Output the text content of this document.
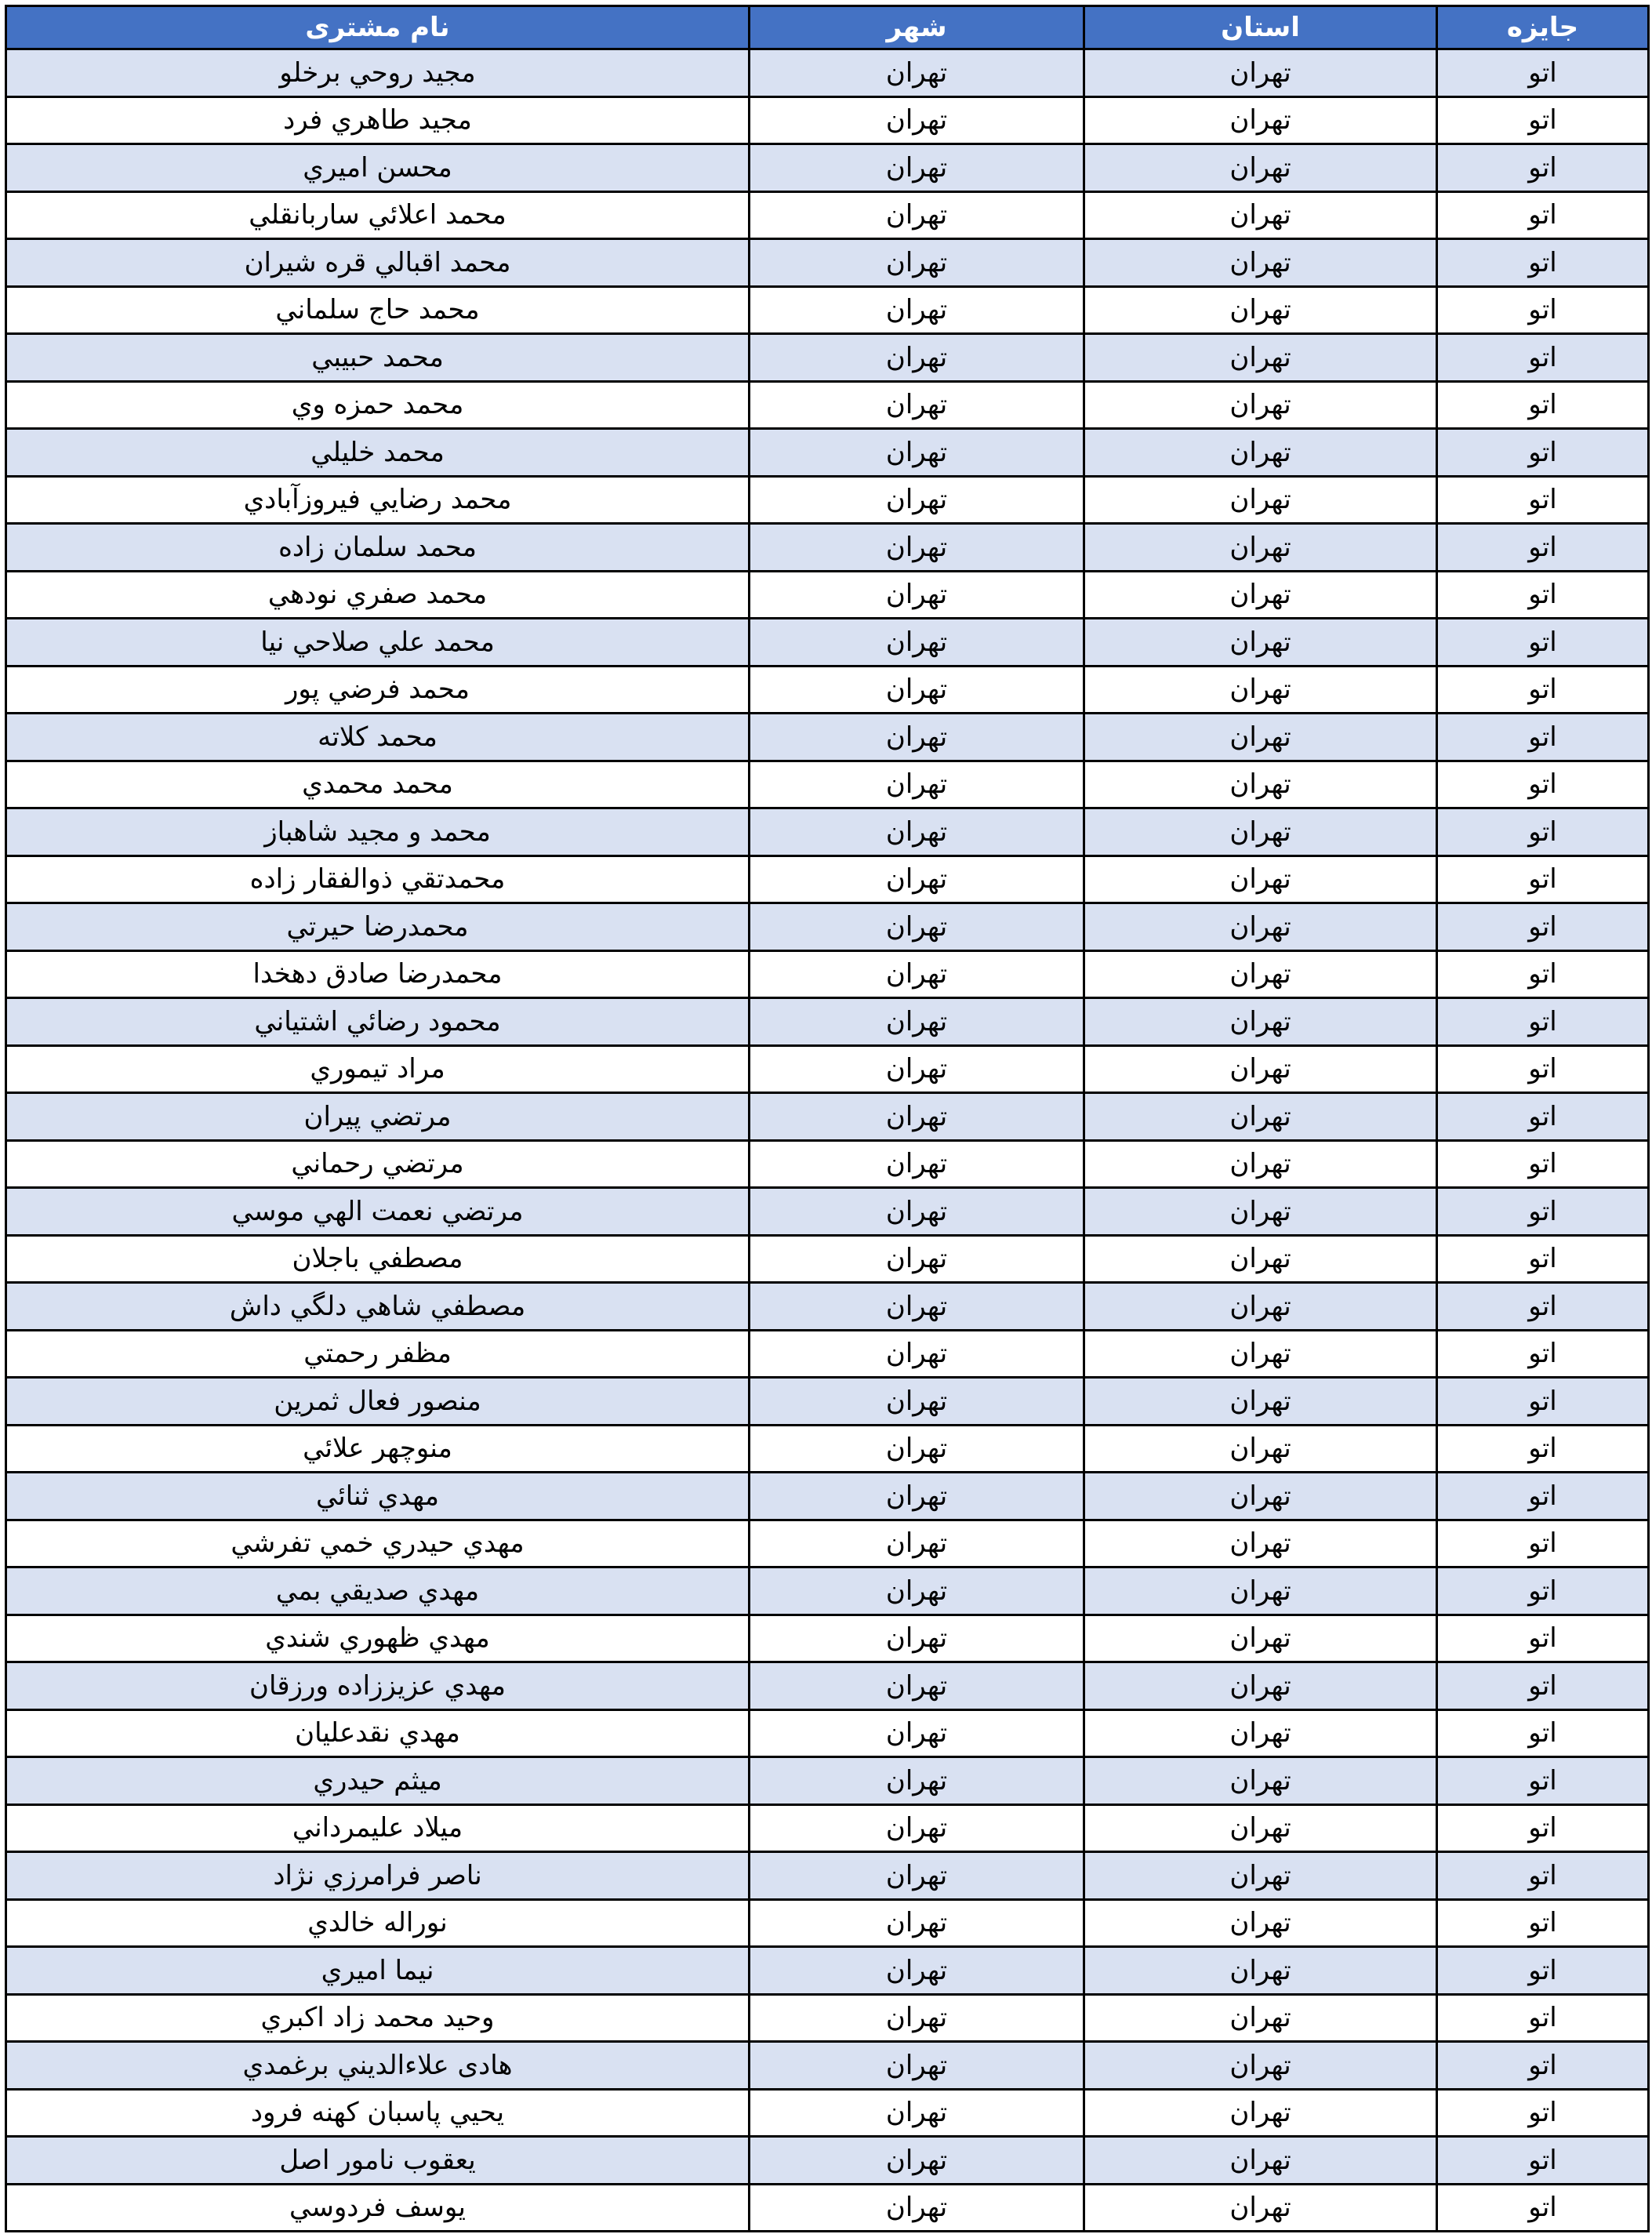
نام مشتری	شهر	استان	جایزه
مجيد روحي برخلو	تهران	تهران	اتو
مجيد طاهري فرد	تهران	تهران	اتو
محسن اميري	تهران	تهران	اتو
محمد اعلائي ساربانقلي	تهران	تهران	اتو
محمد اقبالي قره شيران	تهران	تهران	اتو
محمد حاج سلماني	تهران	تهران	اتو
محمد حبيبي	تهران	تهران	اتو
محمد حمزه وي	تهران	تهران	اتو
محمد خليلي	تهران	تهران	اتو
محمد رضايي فيروزآبادي	تهران	تهران	اتو
محمد سلمان زاده	تهران	تهران	اتو
محمد صفري نودهي	تهران	تهران	اتو
محمد علي صلاحي نيا	تهران	تهران	اتو
محمد فرضي پور	تهران	تهران	اتو
محمد كلاته	تهران	تهران	اتو
محمد محمدي	تهران	تهران	اتو
محمد و مجيد شاهباز	تهران	تهران	اتو
محمدتقي ذوالفقار زاده	تهران	تهران	اتو
محمدرضا حيرتي	تهران	تهران	اتو
محمدرضا صادق دهخدا	تهران	تهران	اتو
محمود رضائي اشتياني	تهران	تهران	اتو
مراد تيموري	تهران	تهران	اتو
مرتضي پيران	تهران	تهران	اتو
مرتضي رحماني	تهران	تهران	اتو
مرتضي نعمت الهي موسي	تهران	تهران	اتو
مصطفي باجلان	تهران	تهران	اتو
مصطفي شاهي دلگي داش	تهران	تهران	اتو
مظفر رحمتي	تهران	تهران	اتو
منصور فعال ثمرين	تهران	تهران	اتو
منوچهر علائي	تهران	تهران	اتو
مهدي ثنائي	تهران	تهران	اتو
مهدي حيدري خمي تفرشي	تهران	تهران	اتو
مهدي صديقي بمي	تهران	تهران	اتو
مهدي ظهوري شندي	تهران	تهران	اتو
مهدي عزيززاده ورزقان	تهران	تهران	اتو
مهدي نقدعليان	تهران	تهران	اتو
ميثم حيدري	تهران	تهران	اتو
ميلاد عليمرداني	تهران	تهران	اتو
ناصر فرامرزي نژاد	تهران	تهران	اتو
نوراله خالدي	تهران	تهران	اتو
نيما اميري	تهران	تهران	اتو
وحيد محمد زاد اكبري	تهران	تهران	اتو
هادی علاءالديني برغمدي	تهران	تهران	اتو
يحيي پاسبان كهنه فرود	تهران	تهران	اتو
يعقوب نامور اصل	تهران	تهران	اتو
يوسف فردوسي	تهران	تهران	اتو
